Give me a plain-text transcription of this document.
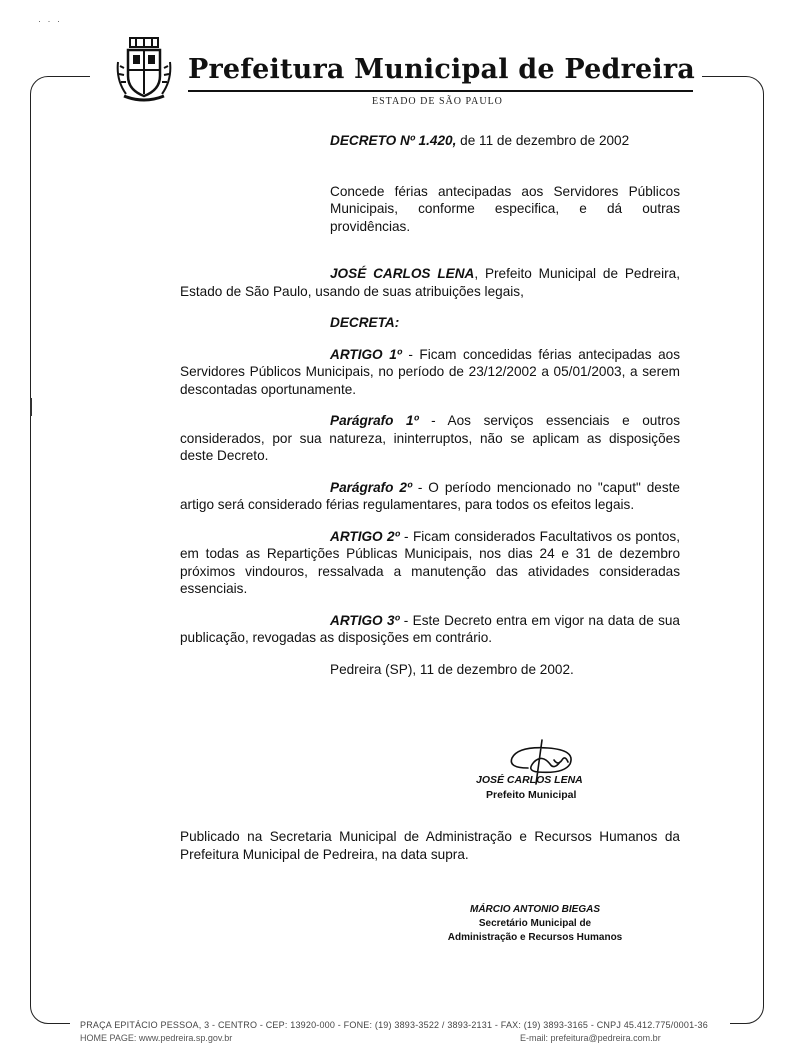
· · ·
Prefeitura Municipal de Pedreira
ESTADO DE SÃO PAULO

DECRETO Nº 1.420, de 11 de dezembro de 2002

Concede férias antecipadas aos Servidores Públicos Municipais, conforme especifica, e dá outras providências.

JOSÉ CARLOS LENA, Prefeito Municipal de Pedreira, Estado de São Paulo, usando de suas atribuições legais,

DECRETA:

ARTIGO 1º - Ficam concedidas férias antecipadas aos Servidores Públicos Municipais, no período de 23/12/2002 a 05/01/2003, a serem descontadas oportunamente.

Parágrafo 1º - Aos serviços essenciais e outros considerados, por sua natureza, ininterruptos, não se aplicam as disposições deste Decreto.

Parágrafo 2º - O período mencionado no "caput" deste artigo será considerado férias regulamentares, para todos os efeitos legais.

ARTIGO 2º - Ficam considerados Facultativos os pontos, em todas as Repartições Públicas Municipais, nos dias 24 e 31 de dezembro próximos vindouros, ressalvada a manutenção das atividades consideradas essenciais.

ARTIGO 3º - Este Decreto entra em vigor na data de sua publicação, revogadas as disposições em contrário.

Pedreira (SP), 11 de dezembro de 2002.

JOSÉ CARLOS LENA
Prefeito Municipal

Publicado na Secretaria Municipal de Administração e Recursos Humanos da Prefeitura Municipal de Pedreira, na data supra.

MÁRCIO ANTONIO BIEGAS
Secretário Municipal de
Administração e Recursos Humanos
PRAÇA EPITÁCIO PESSOA, 3 - CENTRO - CEP: 13920-000 - FONE: (19) 3893-3522 / 3893-2131 - FAX: (19) 3893-3165 - CNPJ 45.412.775/0001-36
HOME PAGE: www.pedreira.sp.gov.br	E-mail: prefeitura@pedreira.com.br
